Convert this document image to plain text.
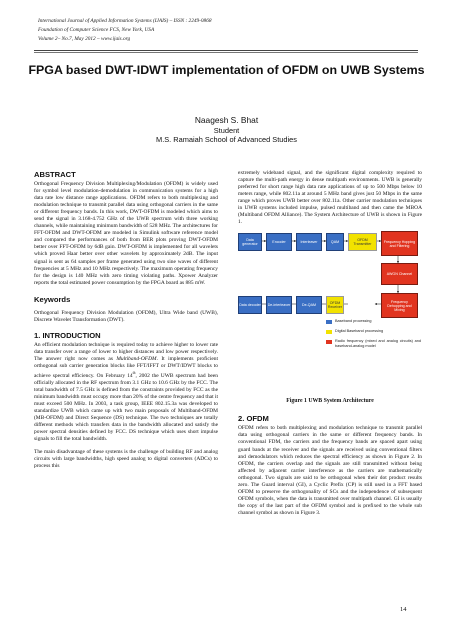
International Journal of Applied Information Systems (IJAIS) – ISSN : 2249-0868
Foundation of Computer Science FCS, New York, USA
Volume 2– No.7, May 2012 – www.ijais.org
FPGA based DWT-IDWT implementation of OFDM on UWB Systems
Naagesh S. Bhat
Student
M.S. Ramaiah School of Advanced Studies
ABSTRACT
Orthogonal Frequency Division Multiplexing/Modulation (OFDM) is widely used for symbol level modulation-demodulation in communication systems for a high data rate low distance range applications. OFDM refers to both multiplexing and modulation technique to transmit parallel data using orthogonal carriers in the same or different frequency bands. In this work, DWT-OFDM is modeled which aims to send the signal in 3.168-4.752 GHz of the UWB spectrum with three working channels, while maintaining minimum bandwidth of 528 MHz. The architectures for FFT-OFDM and DWT-OFDM are modeled in Simulink software reference model and compared the performances of both from BER plots proving DWT-OFDM better over FFT-OFDM by 6dB gain. DWT-OFDM is implemented for all wavelets which proved Haar better over other wavelets by approximately 2dB. The input signal is sent as 64 samples per frame generated using two sine waves of different frequencies at 5 MHz and 10 MHz respectively. The maximum operating frequency for the design is 140 MHz with zero timing violating paths. Xpower Analyzer reports the total estimated power consumption by the FPGA board as 885 mW.
Keywords
Orthogonal Frequency Division Modulation (OFDM), Ultra Wide band (UWB), Discrete Wavelet Transformation (DWT).
1. INTRODUCTION
An efficient modulation technique is required today to achieve higher to lower rate data transfer over a range of lower to higher distances and low power respectively. The answer right now comes as Multiband-OFDM. It implements proficient orthogonal sub carrier generation blocks like FFT/IFFT or DWT/IDWT blocks to achieve spectral efficiency. On February 14th, 2002 the UWB spectrum had been officially allocated in the RF spectrum from 3.1 GHz to 10.6 GHz by the FCC. The total bandwidth of 7.5 GHz is defined from the constraints provided by FCC as the minimum bandwidth must occupy more than 20% of the centre frequency and that it must exceed 500 MHz. In 2003, a task group, IEEE 802.15.3a was developed to standardize UWB which came up with two main proposals of Multiband-OFDM (MB-OFDM) and Direct Sequence (DS) technique. The two techniques are totally different methods which transfers data in the bandwidth allocated and satisfy the power spectral densities defined by FCC. DS technique which uses short impulse signals to fill the total bandwidth.
The main disadvantage of these systems is the challenge of building RF and analog circuits with large bandwidths, high speed analog to digital converters (ADCs) to process this
extremely wideband signal, and the significant digital complexity required to capture the multi-path energy in dense multipath environments. UWB is generally preferred for short range high data rate applications of up to 500 Mbps below 10 meters range, while 802.11a at around 5 MHz band gives just 50 Mbps in the same range which proves UWB better over 802.11a. Other carrier modulation techniques in UWB systems included impulse, pulsed multiband and then came the MBOA (Multiband OFDM Alliance). The System Architecture of UWB is shown in Figure 1.
Data generator
Encoder	Interleaver	QAM
OFDM Transmitter
Frequency Hopping and Filtering
AWGN Channel
Data decoder	De-interleaver	De-QAM
OFDM Receiver
Frequency Dehopping and Mixing
Baseband processing
Digital Baseband processing
Radio frequency (mixed and analog circuits) and baseband-analog model
Figure 1 UWB System Architecture
2. OFDM
OFDM refers to both multiplexing and modulation technique to transmit parallel data using orthogonal carriers in the same or different frequency bands. In conventional FDM, the carriers and the frequency bands are spaced apart using guard bands at the receiver and the signals are received using conventional filters and demodulators which reduces the spectral efficiency as shown in Figure 2. In OFDM, the carriers overlap and the signals are still transmitted without being affected by adjacent carrier interference as the carriers are mathematically orthogonal. Two signals are said to be orthogonal when their dot product results zero. The Guard interval (GI), a Cyclic Prefix (CP) is still used in a FFT based OFDM to preserve the orthogonality of SCs and the independence of subsequent OFDM symbols, when the data is transmitted over multipath channel. GI is usually the copy of the last part of the OFDM symbol and is prefixed to the whole sub channel symbol as shown in Figure 3.
14
